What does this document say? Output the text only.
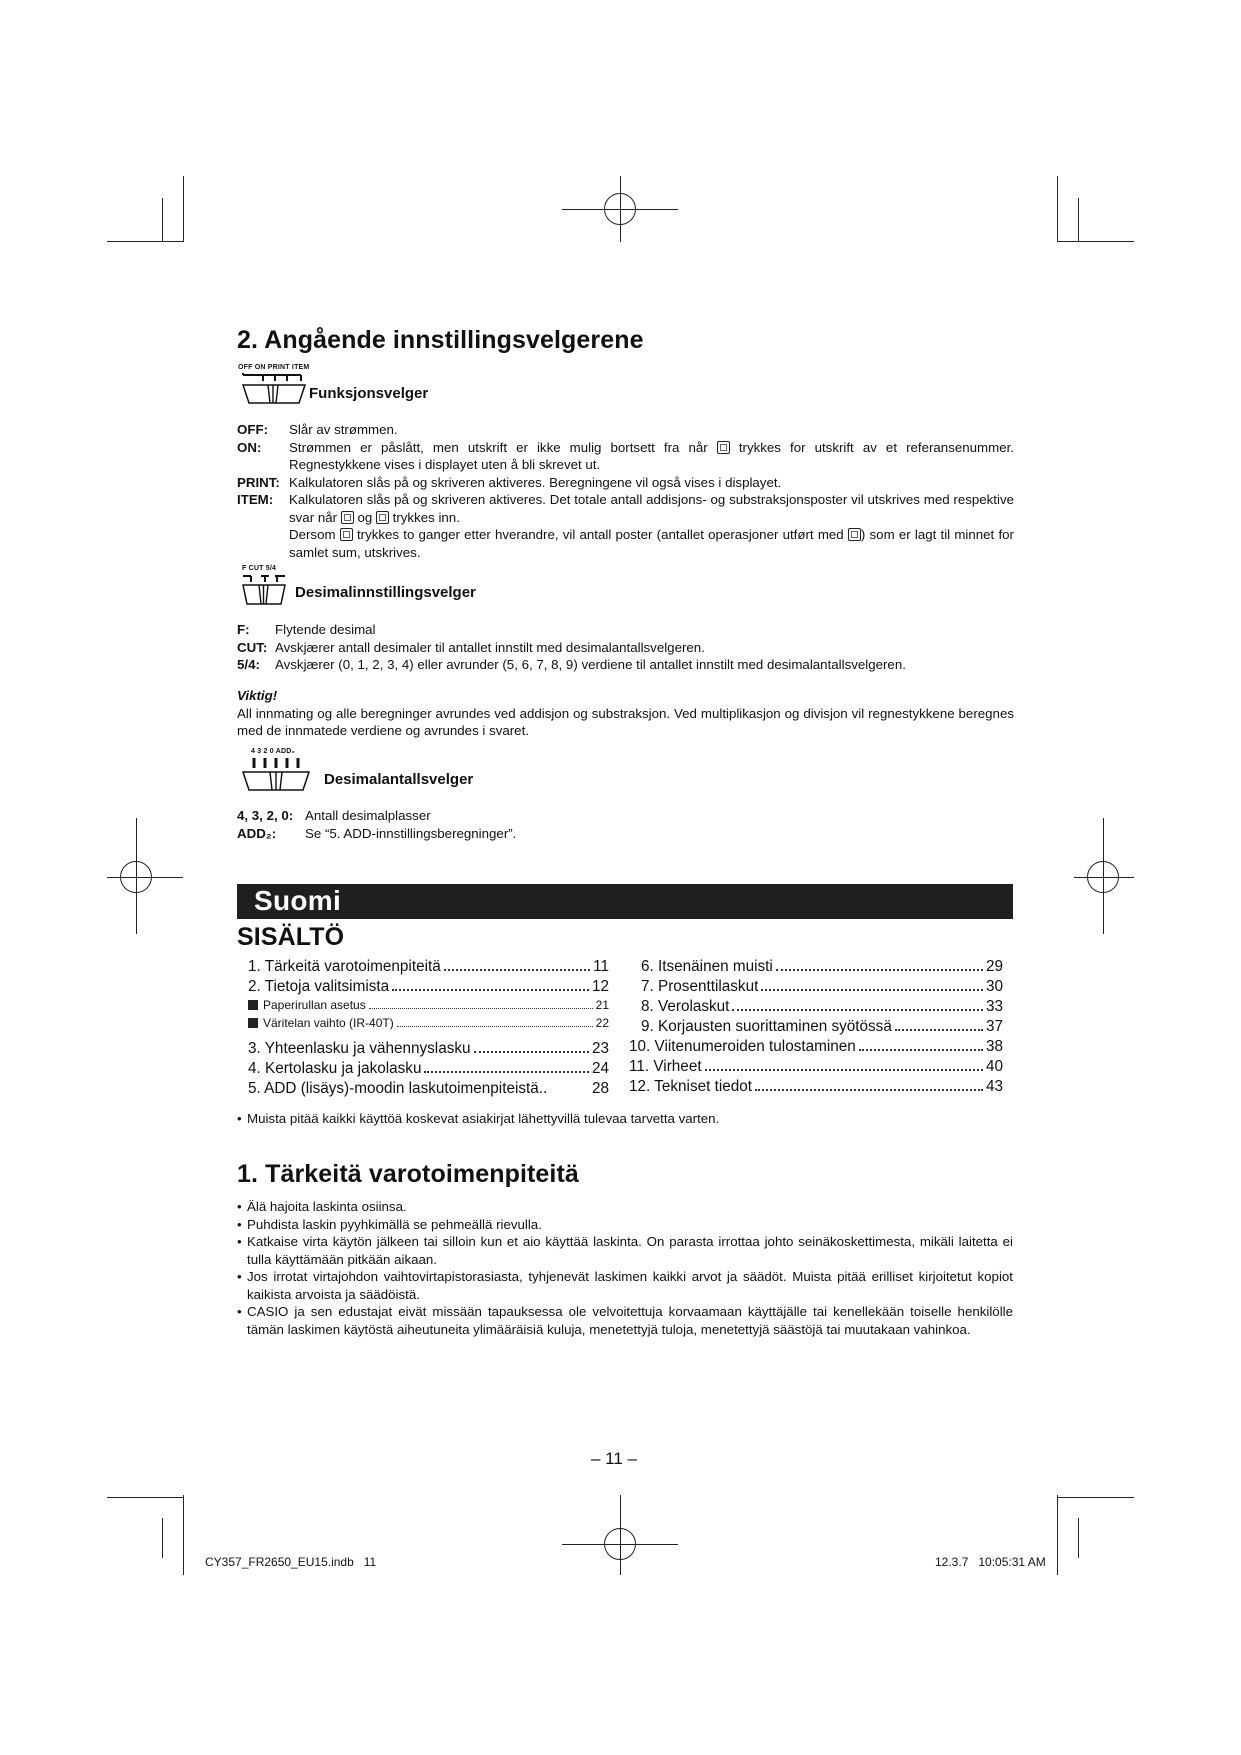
2. Angående innstillingsvelgerene
OFF ON PRINT ITEM
Funksjonsvelger
OFF: Slår av strømmen.
ON: Strømmen er påslått, men utskrift er ikke mulig bortsett fra når trykkes for utskrift av et referansenummer. Regnestykkene vises i displayet uten å bli skrevet ut.
PRINT: Kalkulatoren slås på og skriveren aktiveres. Beregningene vil også vises i displayet.
ITEM: Kalkulatoren slås på og skriveren aktiveres. Det totale antall addisjons- og substraksjonsposter vil utskrives med respektive svar når og trykkes inn.
Dersom trykkes to ganger etter hverandre, vil antall poster (antallet operasjoner utført med ) som er lagt til minnet for samlet sum, utskrives.
F CUT 5/4
Desimalinnstillingsvelger
F: Flytende desimal
CUT: Avskjærer antall desimaler til antallet innstilt med desimalantallsvelgeren.
5/4: Avskjærer (0, 1, 2, 3, 4) eller avrunder (5, 6, 7, 8, 9) verdiene til antallet innstilt med desimalantallsvelgeren.
Viktig!
All innmating og alle beregninger avrundes ved addisjon og substraksjon. Ved multiplikasjon og divisjon vil regnestykkene beregnes med de innmatede verdiene og avrundes i svaret.
4 3 2 0 ADD₂
Desimalantallsvelger
4, 3, 2, 0: Antall desimalplasser
ADD₂: Se “5. ADD-innstillingsberegninger”.
Suomi
SISÄLTÖ
1. Tärkeitä varotoimenpiteitä	11
2. Tietoja valitsimista	12
Paperirullan asetus	21
Väritelan vaihto (IR-40T)	22
3. Yhteenlasku ja vähennyslasku	23
4. Kertolasku ja jakolasku	24
5. ADD (lisäys)-moodin laskutoimenpiteistä..	28
6. Itsenäinen muisti	29
7. Prosenttilaskut	30
8. Verolaskut	33
9. Korjausten suorittaminen syötössä	37
10. Viitenumeroiden tulostaminen	38
11. Virheet	40
12. Tekniset tiedot	43
• Muista pitää kaikki käyttöä koskevat asiakirjat lähettyvillä tulevaa tarvetta varten.
1. Tärkeitä varotoimenpiteitä
• Älä hajoita laskinta osiinsa.
• Puhdista laskin pyyhkimällä se pehmeällä rievulla.
• Katkaise virta käytön jälkeen tai silloin kun et aio käyttää laskinta. On parasta irrottaa johto seinäkoskettimesta, mikäli laitetta ei tulla käyttämään pitkään aikaan.
• Jos irrotat virtajohdon vaihtovirtapistorasiasta, tyhjenevät laskimen kaikki arvot ja säädöt. Muista pitää erilliset kirjoitetut kopiot kaikista arvoista ja säädöistä.
• CASIO ja sen edustajat eivät missään tapauksessa ole velvoitettuja korvaamaan käyttäjälle tai kenellekään toiselle henkilölle tämän laskimen käytöstä aiheutuneita ylimääräisiä kuluja, menetettyjä tuloja, menetettyjä säästöjä tai muutakaan vahinkoa.
– 11 –
CY357_FR2650_EU15.indb   11	12.3.7   10:05:31 AM
